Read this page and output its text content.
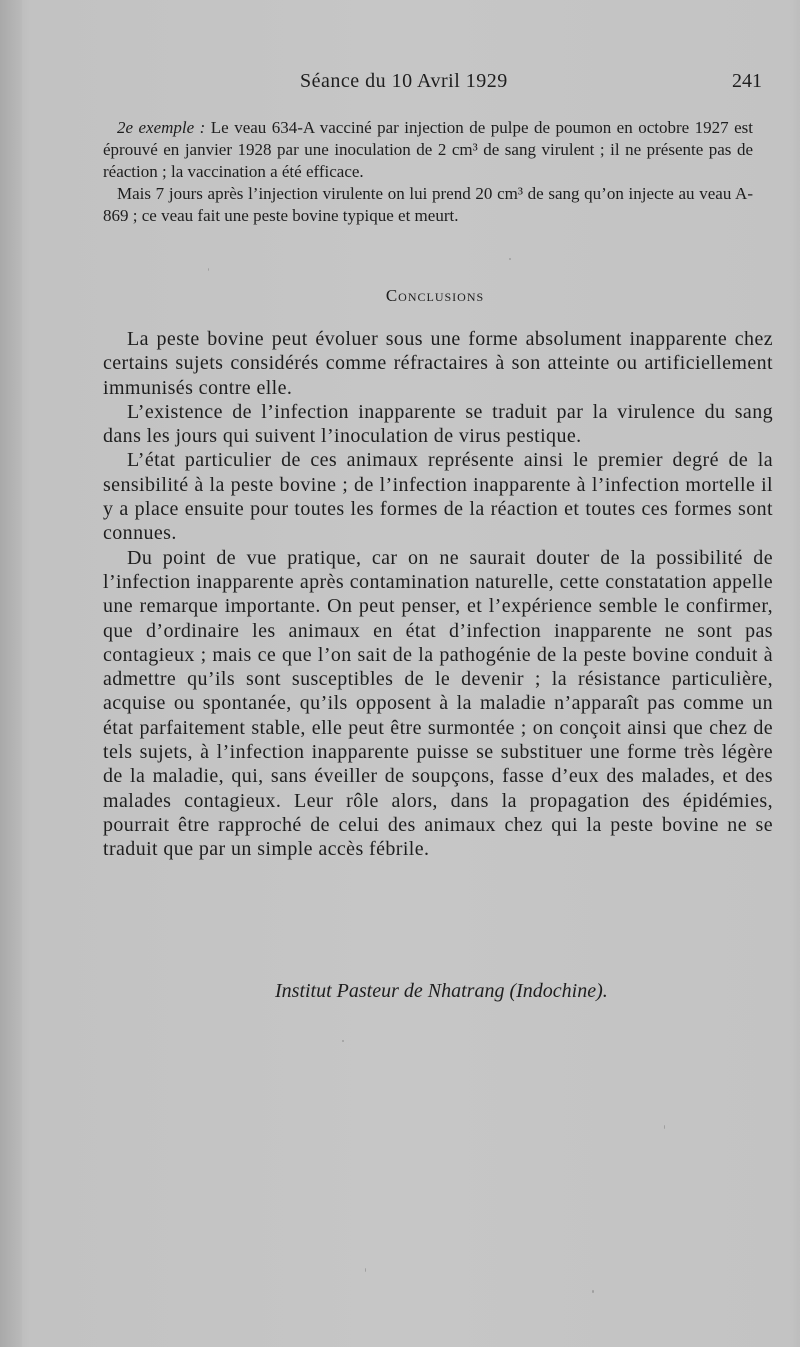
Séance du 10 Avril 1929	241

2e exemple : Le veau 634-A vacciné par injection de pulpe de poumon en octobre 1927 est éprouvé en janvier 1928 par une inoculation de 2 cm³ de sang virulent ; il ne présente pas de réaction ; la vaccination a été efficace.

Mais 7 jours après l’injection virulente on lui prend 20 cm³ de sang qu’on injecte au veau A-869 ; ce veau fait une peste bovine typique et meurt.

Conclusions

La peste bovine peut évoluer sous une forme absolument inapparente chez certains sujets considérés comme réfractaires à son atteinte ou artificiellement immunisés contre elle.

L’existence de l’infection inapparente se traduit par la virulence du sang dans les jours qui suivent l’inoculation de virus pestique.

L’état particulier de ces animaux représente ainsi le premier degré de la sensibilité à la peste bovine ; de l’infection inapparente à l’infection mortelle il y a place ensuite pour toutes les formes de la réaction et toutes ces formes sont connues.

Du point de vue pratique, car on ne saurait douter de la possibilité de l’infection inapparente après contamination naturelle, cette constatation appelle une remarque importante. On peut penser, et l’expérience semble le confirmer, que d’ordinaire les animaux en état d’infection inapparente ne sont pas contagieux ; mais ce que l’on sait de la pathogénie de la peste bovine conduit à admettre qu’ils sont susceptibles de le devenir ; la résistance particulière, acquise ou spontanée, qu’ils opposent à la maladie n’apparaît pas comme un état parfaitement stable, elle peut être surmontée ; on conçoit ainsi que chez de tels sujets, à l’infection inapparente puisse se substituer une forme très légère de la maladie, qui, sans éveiller de soupçons, fasse d’eux des malades, et des malades contagieux. Leur rôle alors, dans la propagation des épidémies, pourrait être rapproché de celui des animaux chez qui la peste bovine ne se traduit que par un simple accès fébrile.

Institut Pasteur de Nhatrang (Indochine).
